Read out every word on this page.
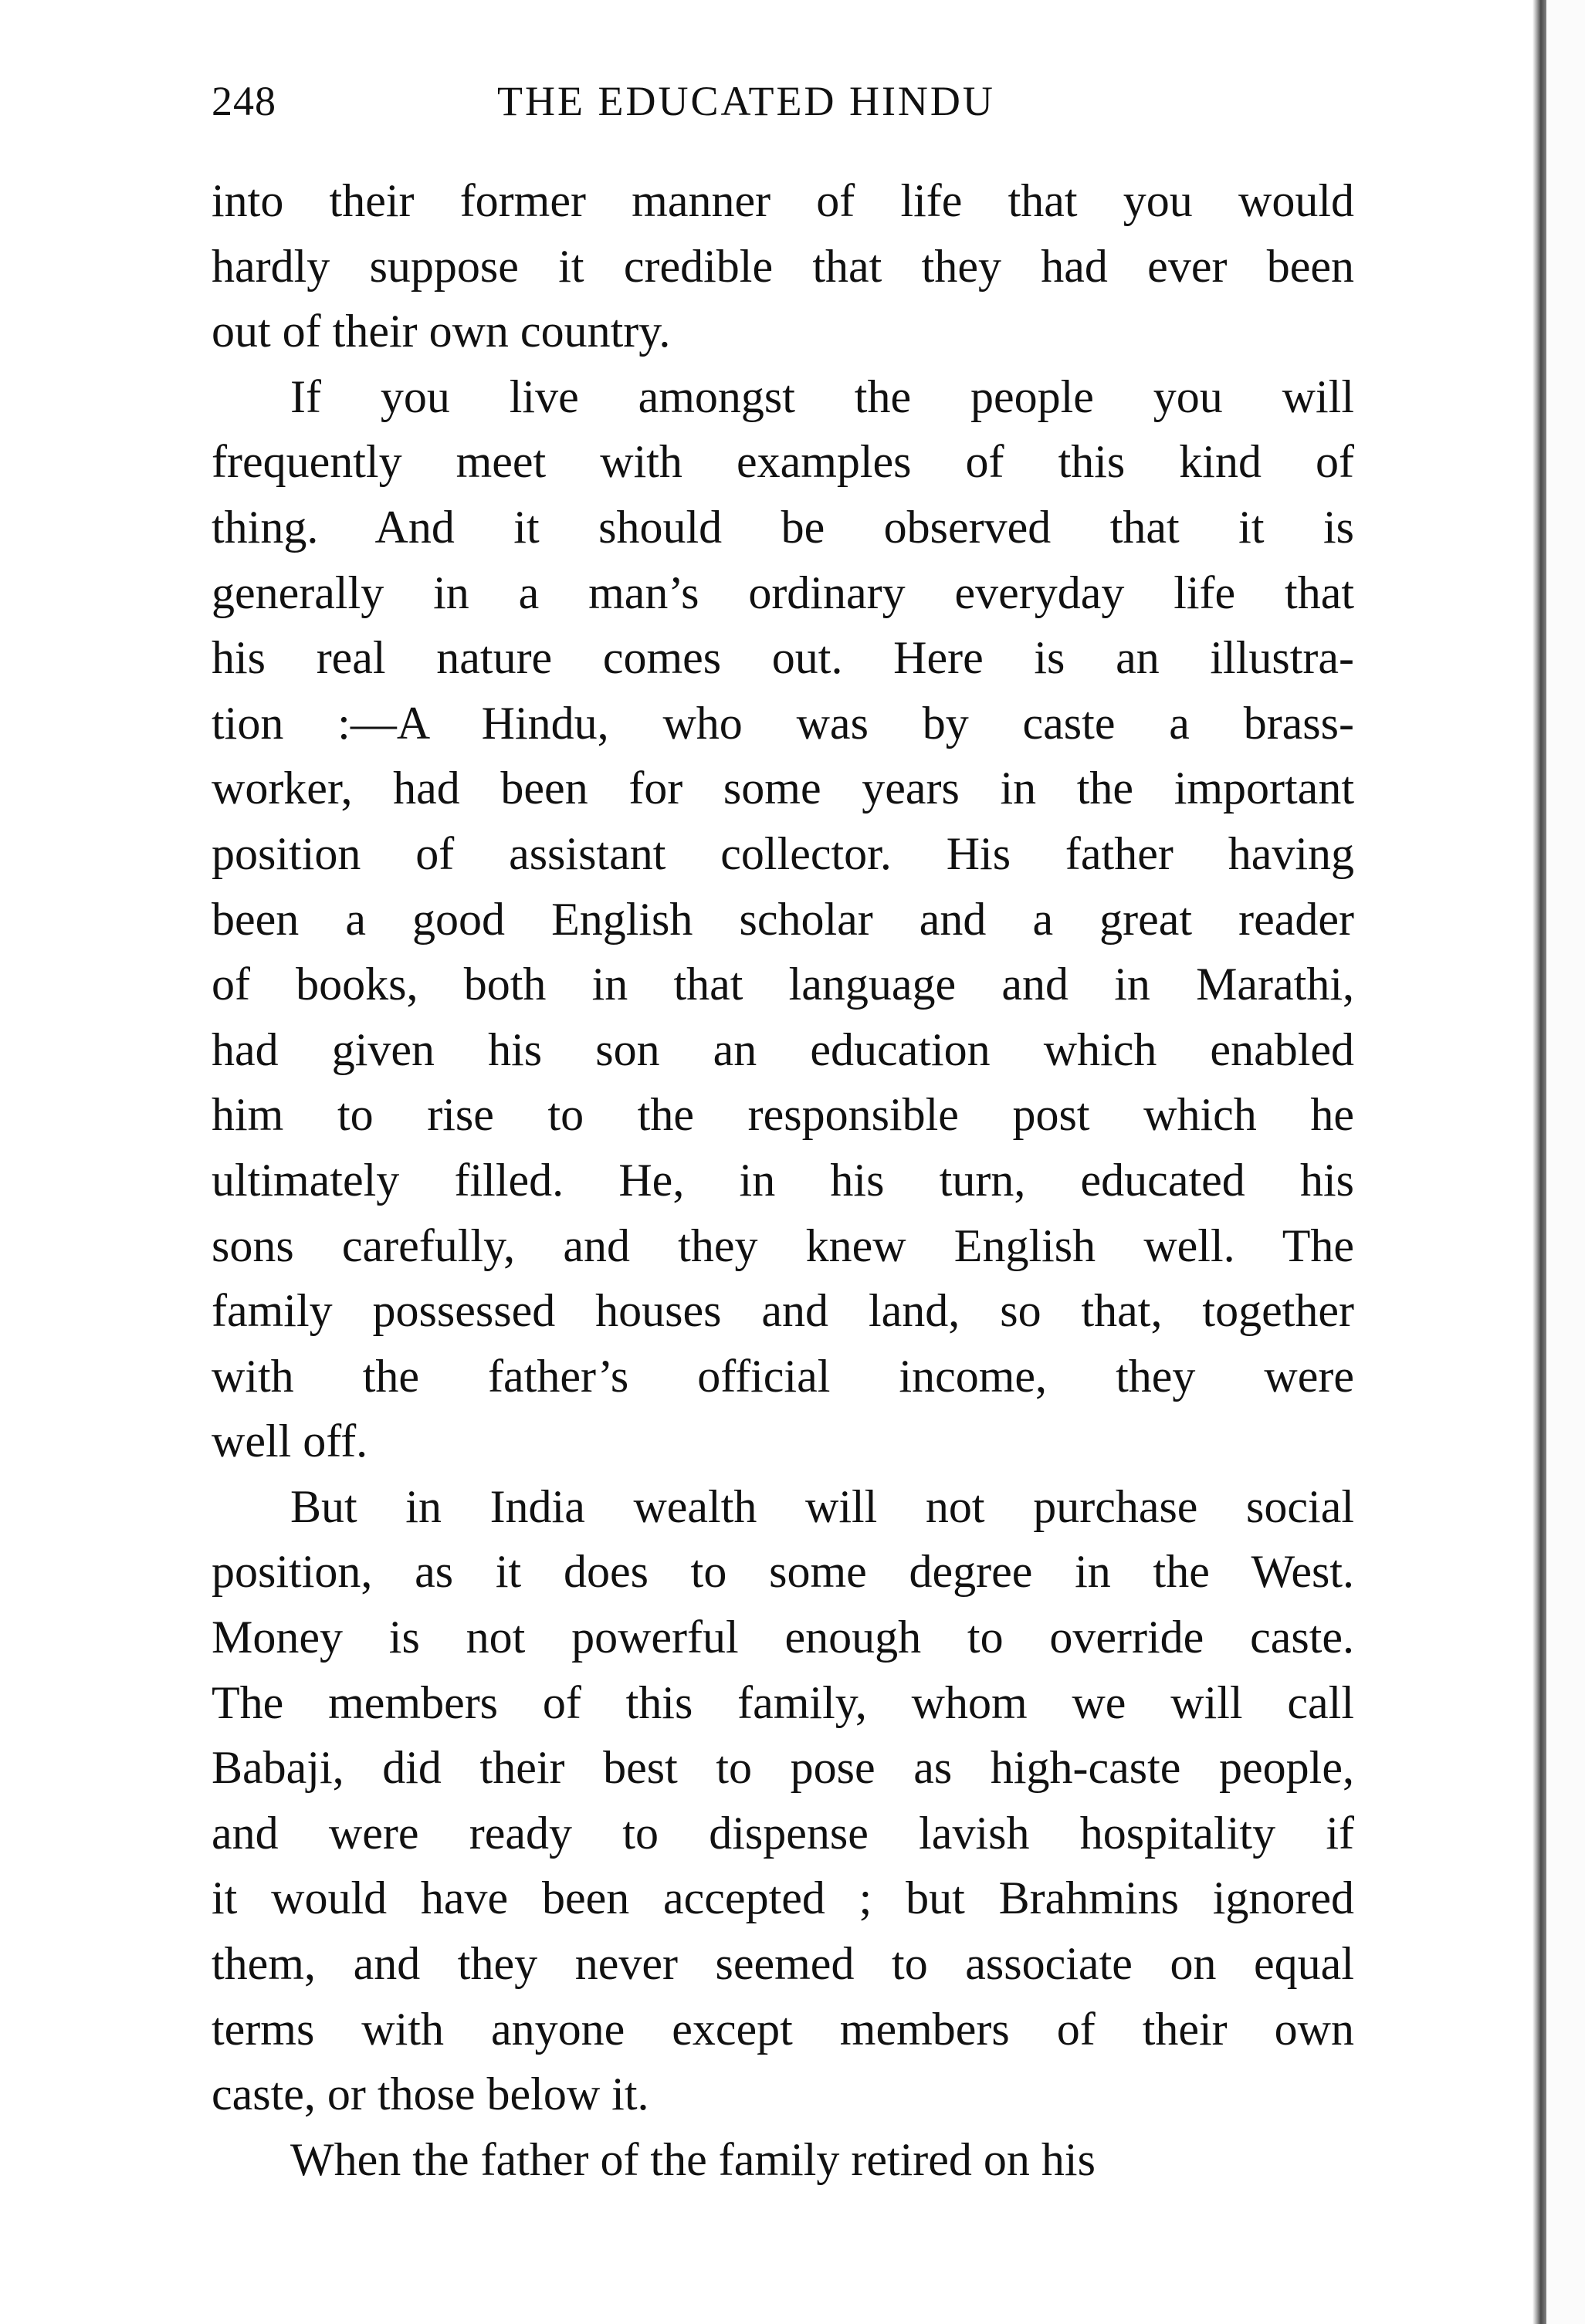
248	THE EDUCATED HINDU
into their former manner of life that you would
hardly suppose it credible that they had ever been
out of their own country.
If you live amongst the people you will
frequently meet with examples of this kind of
thing. And it should be observed that it is
generally in a man’s ordinary everyday life that
his real nature comes out. Here is an illustra-
tion :—A Hindu, who was by caste a brass-
worker, had been for some years in the important
position of assistant collector. His father having
been a good English scholar and a great reader
of books, both in that language and in Marathi,
had given his son an education which enabled
him to rise to the responsible post which he
ultimately filled. He, in his turn, educated his
sons carefully, and they knew English well. The
family possessed houses and land, so that, together
with the father’s official income, they were
well off.
But in India wealth will not purchase social
position, as it does to some degree in the West.
Money is not powerful enough to override caste.
The members of this family, whom we will call
Babaji, did their best to pose as high-caste people,
and were ready to dispense lavish hospitality if
it would have been accepted ; but Brahmins ignored
them, and they never seemed to associate on equal
terms with anyone except members of their own
caste, or those below it.
When the father of the family retired on his
